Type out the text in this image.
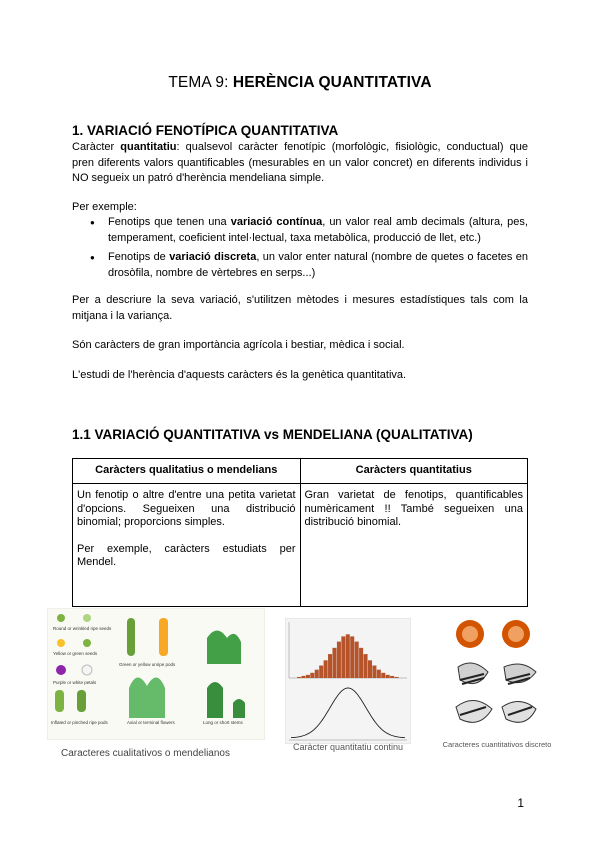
TEMA 9: HERÈNCIA QUANTITATIVA
1. VARIACIÓ FENOTÍPICA QUANTITATIVA

Caràcter quantitatiu: qualsevol caràcter fenotípic (morfològic, fisiològic, conductual) que pren diferents valors quantificables (mesurables en un valor concret) en diferents individus i NO segueix un patró d'herència mendeliana simple.

Per exemple:

● Fenotips que tenen una variació contínua, un valor real amb decimals (altura, pes, temperament, coeficient intel·lectual, taxa metabòlica, producció de llet, etc.)
● Fenotips de variació discreta, un valor enter natural (nombre de quetes o facetes en drosòfila, nombre de vèrtebres en serps...)

Per a descriure la seva variació, s'utilitzen mètodes i mesures estadístiques tals com la mitjana i la variança.

Són caràcters de gran importància agrícola i bestiar, mèdica i social.

L'estudi de l'herència d'aquests caràcters és la genètica quantitativa.

1.1 VARIACIÓ QUANTITATIVA vs MENDELIANA (QUALITATIVA)
Caràcters qualitatius o mendelians	Caràcters quantitatius

Un fenotip o altre d'entre una petita varietat d'opcions. Segueixen una distribució binomial; proporcions simples.

Per exemple, caràcters estudiats per Mendel.	Gran varietat de fenotips, quantificables numèricament !! També segueixen una distribució binomial.

Round or wrinkled ripe seeds
Yellow or green seeds
Green or yellow unripe pods
Purple or white petals
Inflated or pinched ripe pods	Axial or terminal flowers	Long or short stems
Caracteres cualitativos o mendelianos
Caràcter quantitatiu continu	Caracteres cuantitativos discreto
1
